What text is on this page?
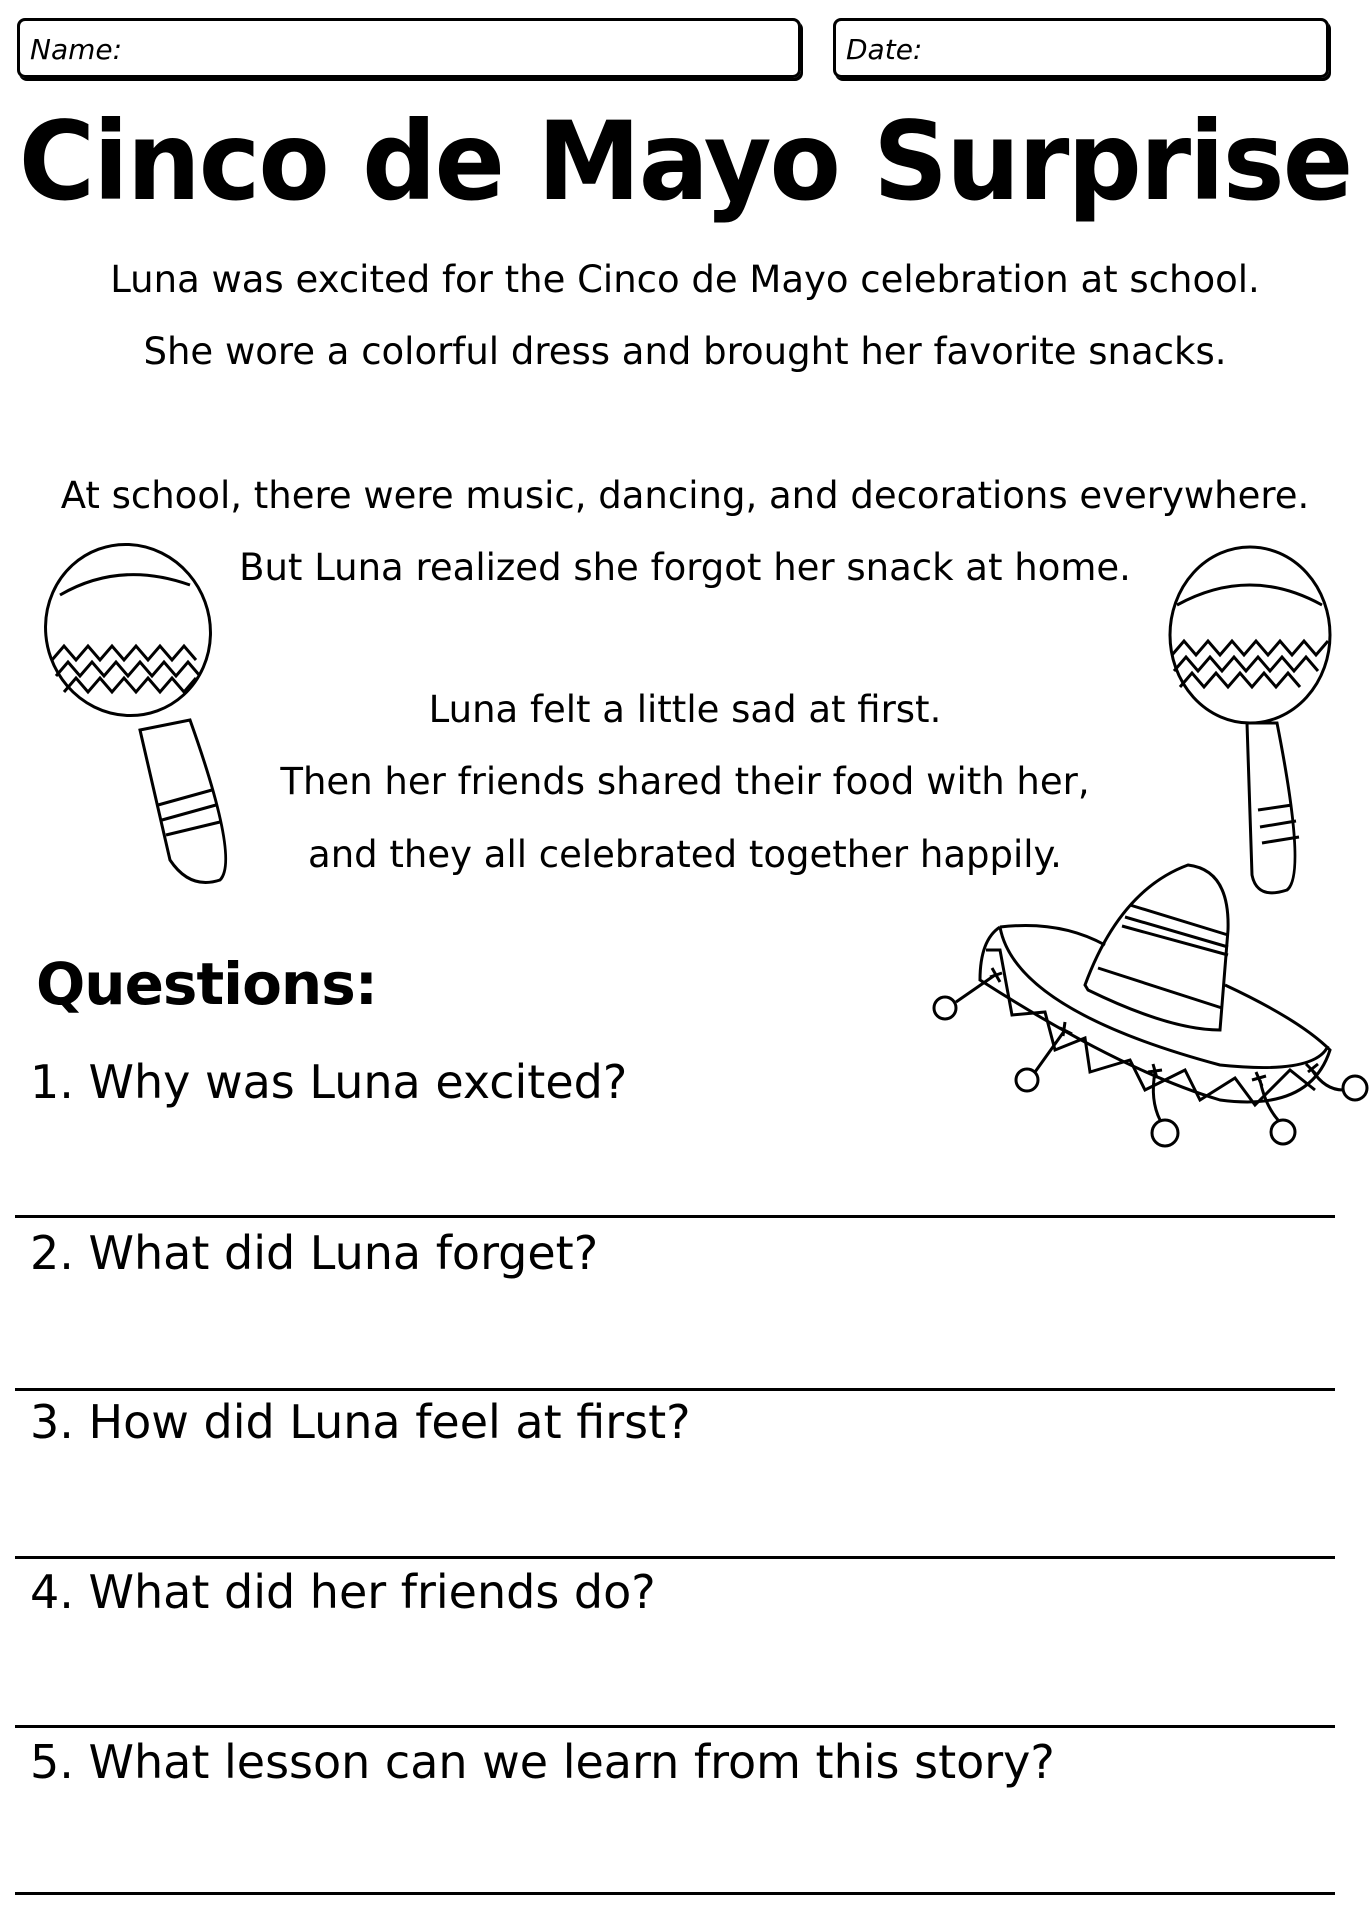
Name:	Date:
Cinco de Mayo Surprise
Luna was excited for the Cinco de Mayo celebration at school.
She wore a colorful dress and brought her favorite snacks.
At school, there were music, dancing, and decorations everywhere.
But Luna realized she forgot her snack at home.
Luna felt a little sad at first.
Then her friends shared their food with her,
and they all celebrated together happily.
Questions:
1. Why was Luna excited?
2. What did Luna forget?
3. How did Luna feel at first?
4. What did her friends do?
5. What lesson can we learn from this story?
